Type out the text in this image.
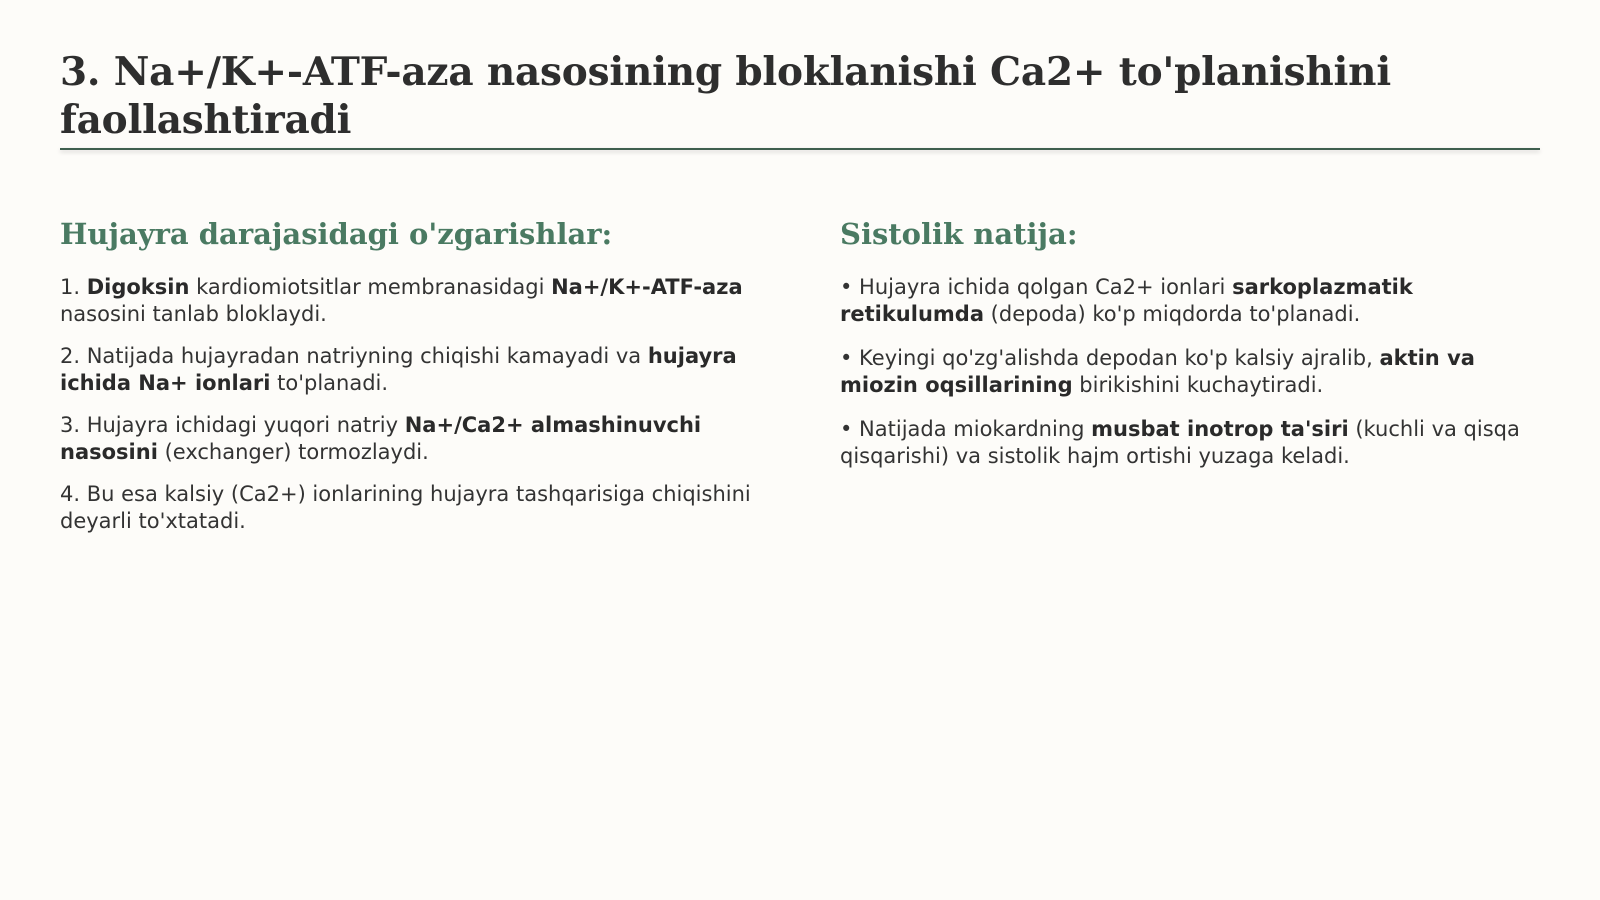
3. Na+/K+-ATF-aza nasosining bloklanishi Ca2+ to'planishini faollashtiradi
Hujayra darajasidagi o'zgarishlar:

1. Digoksin kardiomiotsitlar membranasidagi Na+/K+-ATF-aza nasosini tanlab bloklaydi.

2. Natijada hujayradan natriyning chiqishi kamayadi va hujayra ichida Na+ ionlari to'planadi.

3. Hujayra ichidagi yuqori natriy Na+/Ca2+ almashinuvchi nasosini (exchanger) tormozlaydi.

4. Bu esa kalsiy (Ca2+) ionlarining hujayra tashqarisiga chiqishini deyarli to'xtatadi.

Sistolik natija:

• Hujayra ichida qolgan Ca2+ ionlari sarkoplazmatik retikulumda (depoda) ko'p miqdorda to'planadi.

• Keyingi qo'zg'alishda depodan ko'p kalsiy ajralib, aktin va miozin oqsillarining birikishini kuchaytiradi.

• Natijada miokardning musbat inotrop ta'siri (kuchli va qisqa qisqarishi) va sistolik hajm ortishi yuzaga keladi.
